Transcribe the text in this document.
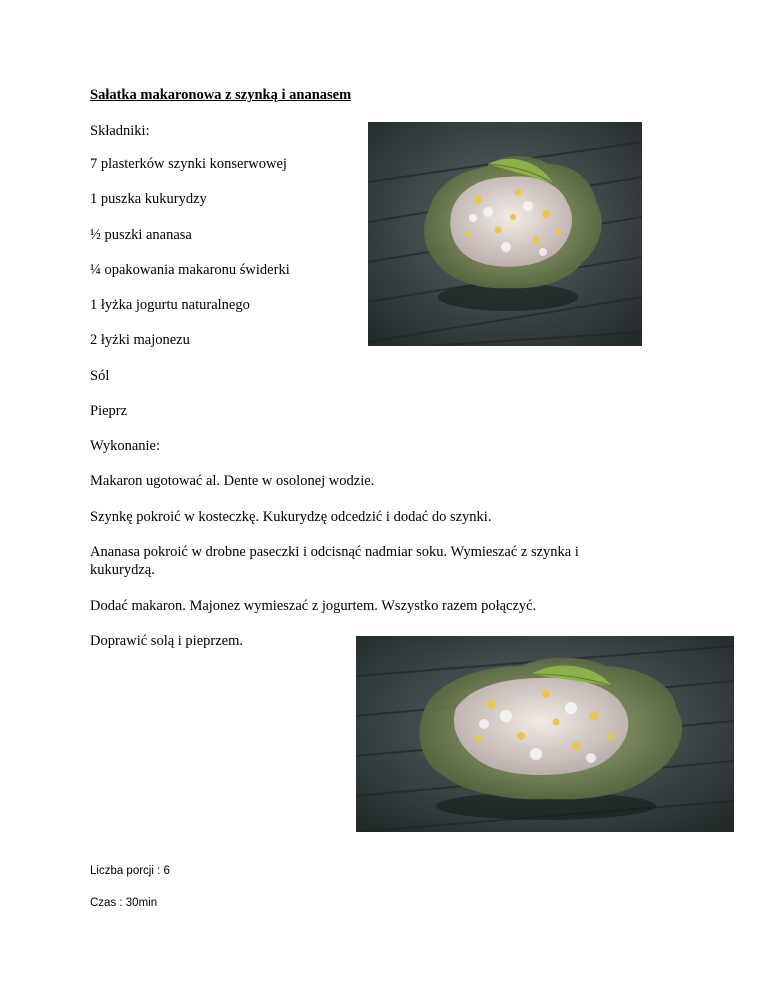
Sałatka makaronowa z szynką i ananasem
Składniki:
7 plasterków szynki konserwowej
1 puszka kukurydzy
½ puszki ananasa
¼ opakowania makaronu świderki
1 łyżka jogurtu naturalnego
2 łyżki majonezu
Sól
Pieprz
Wykonanie:
Makaron ugotować al. Dente w osolonej wodzie.
Szynkę pokroić w kosteczkę. Kukurydzę odcedzić i dodać do szynki.
Ananasa pokroić w drobne paseczki i odcisnąć nadmiar soku. Wymieszać z szynka i kukurydzą.
Dodać makaron. Majonez wymieszać z jogurtem. Wszystko razem połączyć.
Doprawić solą i pieprzem.
Liczba porcji : 6
Czas : 30min
